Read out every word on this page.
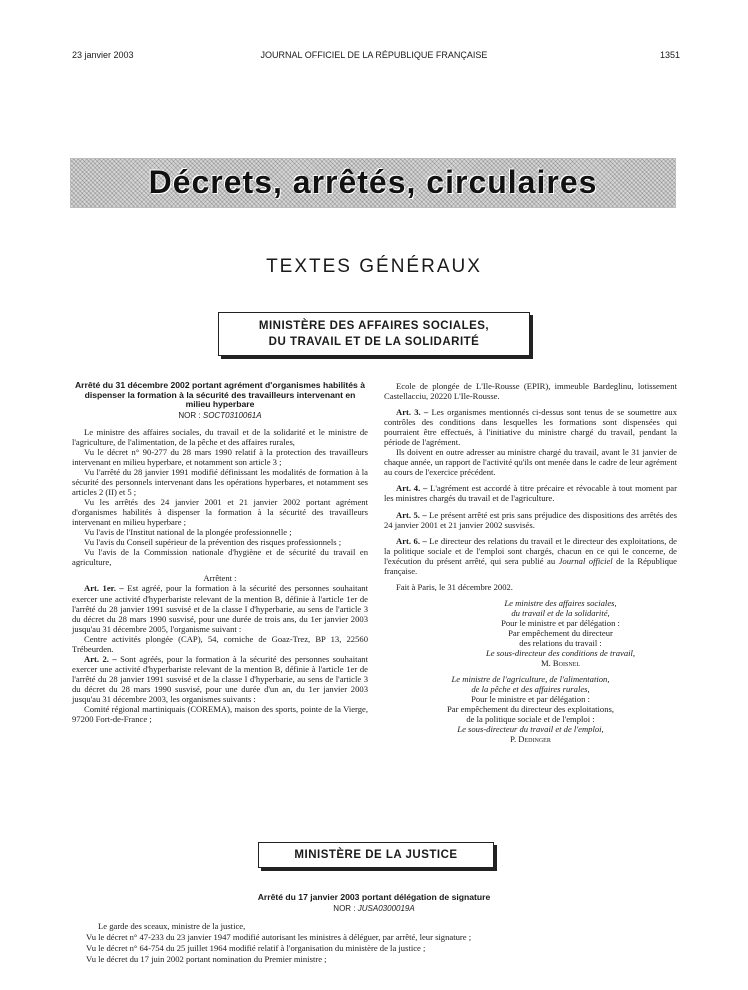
23 janvier 2003	JOURNAL OFFICIEL DE LA RÉPUBLIQUE FRANÇAISE	1351
Décrets, arrêtés, circulaires
TEXTES GÉNÉRAUX
MINISTÈRE DES AFFAIRES SOCIALES,
DU TRAVAIL ET DE LA SOLIDARITÉ
Arrêté du 31 décembre 2002 portant agrément d'organismes habilités à dispenser la formation à la sécurité des travailleurs intervenant en milieu hyperbare
NOR : SOCT0310061A

Le ministre des affaires sociales, du travail et de la solidarité et le ministre de l'agriculture, de l'alimentation, de la pêche et des affaires rurales,

Vu le décret n° 90-277 du 28 mars 1990 relatif à la protection des travailleurs intervenant en milieu hyperbare, et notamment son article 3 ;

Vu l'arrêté du 28 janvier 1991 modifié définissant les modalités de formation à la sécurité des personnels intervenant dans les opérations hyperbares, et notamment ses articles 2 (II) et 5 ;

Vu les arrêtés des 24 janvier 2001 et 21 janvier 2002 portant agrément d'organismes habilités à dispenser la formation à la sécurité des travailleurs intervenant en milieu hyperbare ;

Vu l'avis de l'Institut national de la plongée professionnelle ;

Vu l'avis du Conseil supérieur de la prévention des risques professionnels ;

Vu l'avis de la Commission nationale d'hygiène et de sécurité du travail en agriculture,

Arrêtent :

Art. 1er. – Est agréé, pour la formation à la sécurité des personnes souhaitant exercer une activité d'hyperbariste relevant de la mention B, définie à l'article 1er de l'arrêté du 28 janvier 1991 susvisé et de la classe I d'hyperbarie, au sens de l'article 3 du décret du 28 mars 1990 susvisé, pour une durée de trois ans, du 1er janvier 2003 jusqu'au 31 décembre 2005, l'organisme suivant :

Centre activités plongée (CAP), 54, corniche de Goaz-Trez, BP 13, 22560 Trébeurden.

Art. 2. – Sont agréés, pour la formation à la sécurité des personnes souhaitant exercer une activité d'hyperbariste relevant de la mention B, définie à l'article 1er de l'arrêté du 28 janvier 1991 susvisé et de la classe I d'hyperbarie, au sens de l'article 3 du décret du 28 mars 1990 susvisé, pour une durée d'un an, du 1er janvier 2003 jusqu'au 31 décembre 2003, les organismes suivants :

Comité régional martiniquais (COREMA), maison des sports, pointe de la Vierge, 97200 Fort-de-France ;

Ecole de plongée de L'Ile-Rousse (EPIR), immeuble Bardeglinu, lotissement Castellacciu, 20220 L'Ile-Rousse.

Art. 3. – Les organismes mentionnés ci-dessus sont tenus de se soumettre aux contrôles des conditions dans lesquelles les formations sont dispensées qui pourraient être effectués, à l'initiative du ministre chargé du travail, pendant la période de l'agrément.

Ils doivent en outre adresser au ministre chargé du travail, avant le 31 janvier de chaque année, un rapport de l'activité qu'ils ont menée dans le cadre de leur agrément au cours de l'exercice précédent.

Art. 4. – L'agrément est accordé à titre précaire et révocable à tout moment par les ministres chargés du travail et de l'agriculture.

Art. 5. – Le présent arrêté est pris sans préjudice des dispositions des arrêtés des 24 janvier 2001 et 21 janvier 2002 susvisés.

Art. 6. – Le directeur des relations du travail et le directeur des exploitations, de la politique sociale et de l'emploi sont chargés, chacun en ce qui le concerne, de l'exécution du présent arrêté, qui sera publié au Journal officiel de la République française.

Fait à Paris, le 31 décembre 2002.

Le ministre des affaires sociales,
du travail et de la solidarité,
Pour le ministre et par délégation :
Par empêchement du directeur
des relations du travail :
Le sous-directeur des conditions de travail,
M. Boisnel
Le ministre de l'agriculture, de l'alimentation,
de la pêche et des affaires rurales,
Pour le ministre et par délégation :
Par empêchement du directeur des exploitations,
de la politique sociale et de l'emploi :
Le sous-directeur du travail et de l'emploi,
P. Dedinger
MINISTÈRE DE LA JUSTICE
Arrêté du 17 janvier 2003 portant délégation de signature
NOR : JUSA0300019A

Le garde des sceaux, ministre de la justice,

Vu le décret n° 47-233 du 23 janvier 1947 modifié autorisant les ministres à déléguer, par arrêté, leur signature ;

Vu le décret n° 64-754 du 25 juillet 1964 modifié relatif à l'organisation du ministère de la justice ;

Vu le décret du 17 juin 2002 portant nomination du Premier ministre ;
